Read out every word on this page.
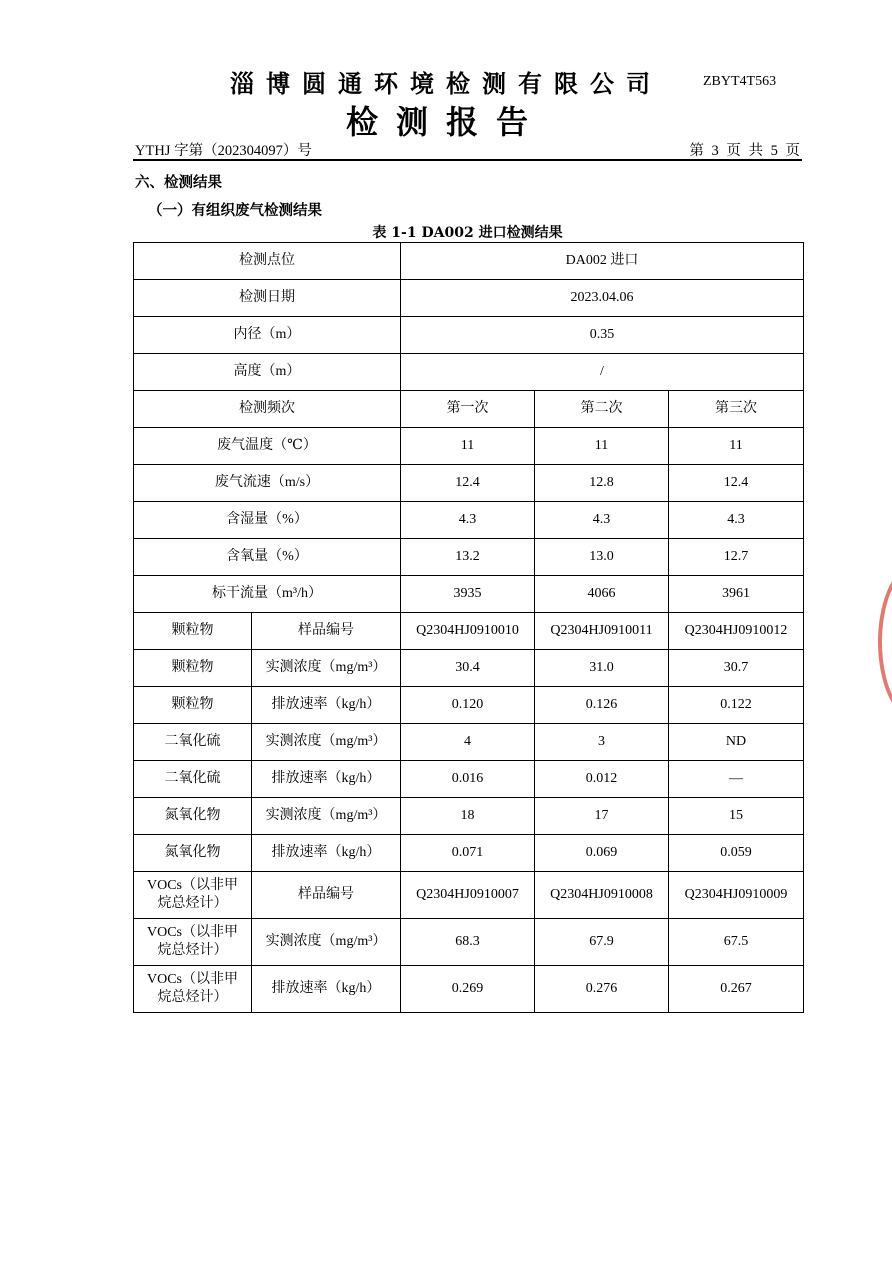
淄博圆通环境检测有限公司	ZBYT4T563
检测报告
YTHJ 字第（202304097）号	第 3 页 共 5 页
六、检测结果
（一）有组织废气检测结果
表 1-1 DA002 进口检测结果
检测点位		DA002 进口		
检测日期		2023.04.06		
内径（m）		0.35		
高度（m）		/		
检测频次		第一次	第二次	第三次
废气温度（℃）		11	11	11
废气流速（m/s）		12.4	12.8	12.4
含湿量（%）		4.3	4.3	4.3
含氧量（%）		13.2	13.0	12.7
标干流量（m³/h）		3935	4066	3961
颗粒物	样品编号	Q2304HJ0910010	Q2304HJ0910011	Q2304HJ0910012
颗粒物	实测浓度（mg/m³）	30.4	31.0	30.7
颗粒物	排放速率（kg/h）	0.120	0.126	0.122
二氧化硫	实测浓度（mg/m³）	4	3	ND
二氧化硫	排放速率（kg/h）	0.016	0.012	—
氮氧化物	实测浓度（mg/m³）	18	17	15
氮氧化物	排放速率（kg/h）	0.071	0.069	0.059
VOCs（以非甲
烷总烃计）	样品编号	Q2304HJ0910007	Q2304HJ0910008	Q2304HJ0910009
VOCs（以非甲
烷总烃计）	实测浓度（mg/m³）	68.3	67.9	67.5
VOCs（以非甲
烷总烃计）	排放速率（kg/h）	0.269	0.276	0.267
